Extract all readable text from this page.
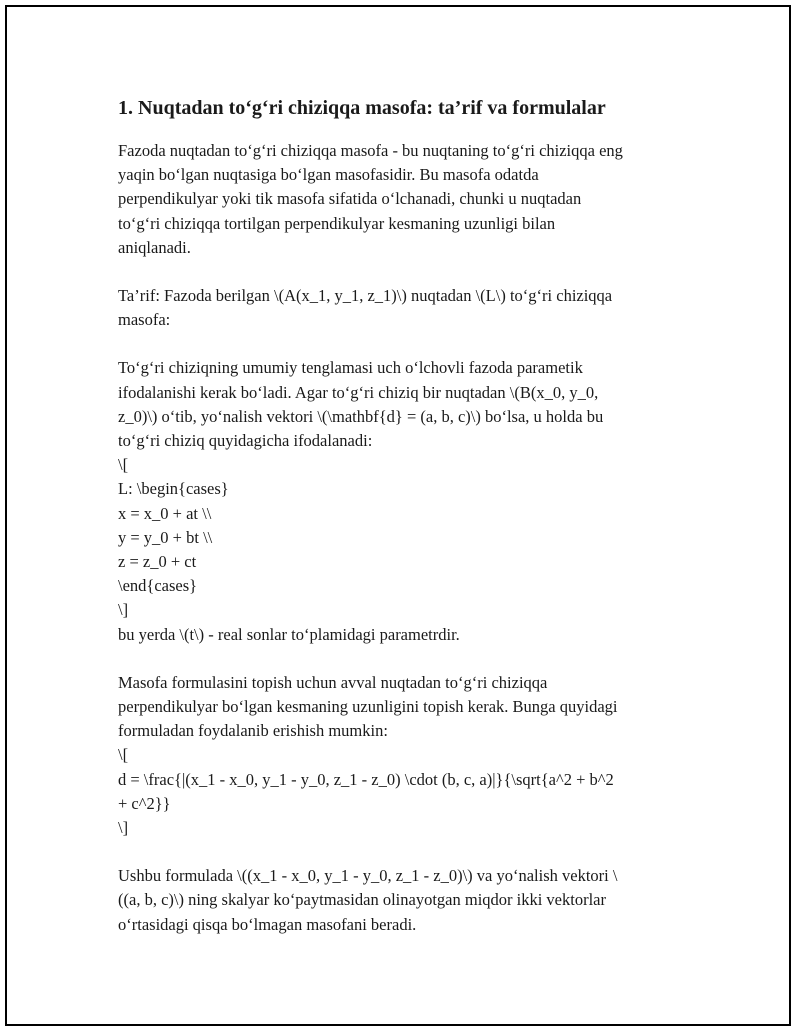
1. Nuqtadan to‘g‘ri chiziqqa masofa: ta’rif va formulalar
Fazoda nuqtadan to‘g‘ri chiziqqa masofa - bu nuqtaning to‘g‘ri chiziqqa eng
yaqin bo‘lgan nuqtasiga bo‘lgan masofasidir. Bu masofa odatda
perpendikulyar yoki tik masofa sifatida o‘lchanadi, chunki u nuqtadan
to‘g‘ri chiziqqa tortilgan perpendikulyar kesmaning uzunligi bilan
aniqlanadi.
Ta’rif: Fazoda berilgan \(A(x_1, y_1, z_1)\) nuqtadan \(L\) to‘g‘ri chiziqqa
masofa:
To‘g‘ri chiziqning umumiy tenglamasi uch o‘lchovli fazoda parametik
ifodalanishi kerak bo‘ladi. Agar to‘g‘ri chiziq bir nuqtadan \(B(x_0, y_0,
z_0)\) o‘tib, yo‘nalish vektori \(\mathbf{d} = (a, b, c)\) bo‘lsa, u holda bu
to‘g‘ri chiziq quyidagicha ifodalanadi:
\[
L: \begin{cases}
x = x_0 + at \\
y = y_0 + bt \\
z = z_0 + ct
\end{cases}
\]
bu yerda \(t\) - real sonlar to‘plamidagi parametrdir.
Masofa formulasini topish uchun avval nuqtadan to‘g‘ri chiziqqa
perpendikulyar bo‘lgan kesmaning uzunligini topish kerak. Bunga quyidagi
formuladan foydalanib erishish mumkin:
\[
d = \frac{|(x_1 - x_0, y_1 - y_0, z_1 - z_0) \cdot (b, c, a)|}{\sqrt{a^2 + b^2
+ c^2}}
\]
Ushbu formulada \((x_1 - x_0, y_1 - y_0, z_1 - z_0)\) va yo‘nalish vektori \
((a, b, c)\) ning skalyar ko‘paytmasidan olinayotgan miqdor ikki vektorlar
o‘rtasidagi qisqa bo‘lmagan masofani beradi.
